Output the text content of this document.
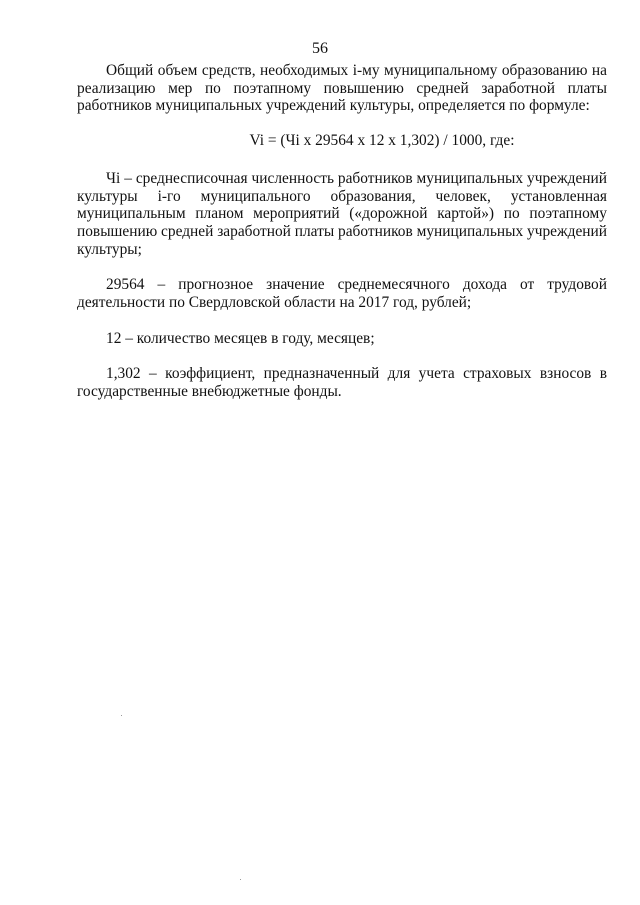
56

Общий объем средств, необходимых i-му муниципальному образованию на реализацию мер по поэтапному повышению средней заработной платы работников муниципальных учреждений культуры, определяется по формуле:

Vi = (Чi x 29564 x 12 x 1,302) / 1000, где:

Чi – среднесписочная численность работников муниципальных учреждений культуры i-го муниципального образования, человек, установленная муниципальным планом мероприятий («дорожной картой») по поэтапному повышению средней заработной платы работников муниципальных учреждений культуры;

29564 – прогнозное значение среднемесячного дохода от трудовой деятельности по Свердловской области на 2017 год, рублей;

12 – количество месяцев в году, месяцев;

1,302 – коэффициент, предназначенный для учета страховых взносов в государственные внебюджетные фонды.
